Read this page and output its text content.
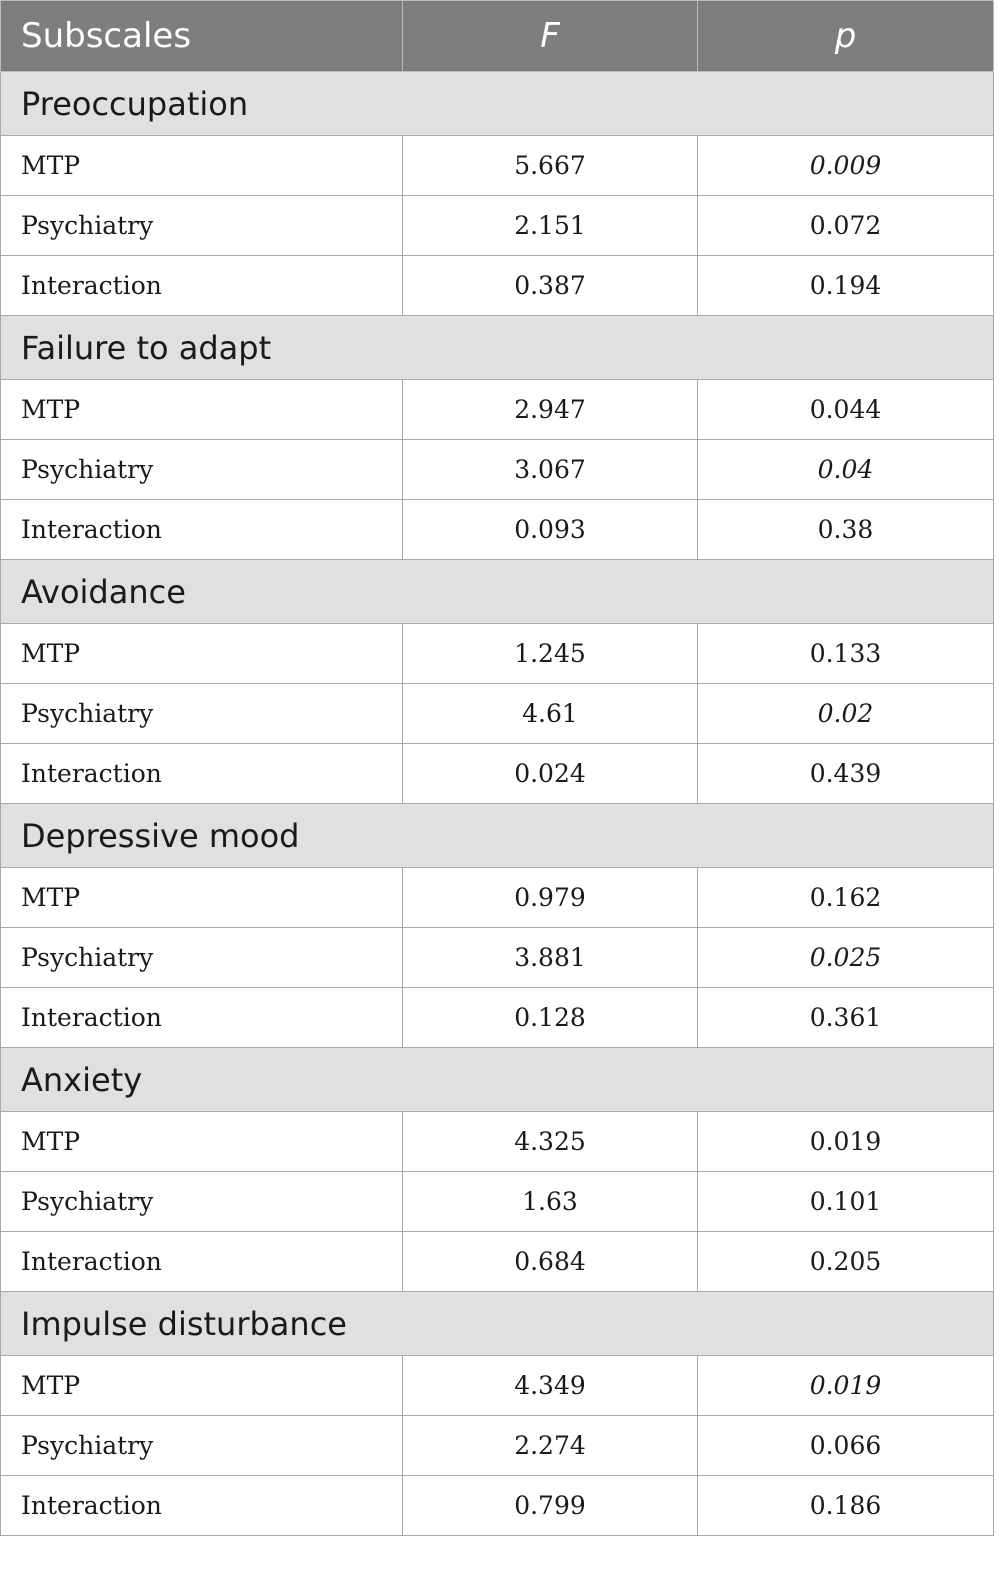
Subscales	F	p
Preoccupation		
MTP	5.667	0.009
Psychiatry	2.151	0.072
Interaction	0.387	0.194
Failure to adapt		
MTP	2.947	0.044
Psychiatry	3.067	0.04
Interaction	0.093	0.38
Avoidance		
MTP	1.245	0.133
Psychiatry	4.61	0.02
Interaction	0.024	0.439
Depressive mood		
MTP	0.979	0.162
Psychiatry	3.881	0.025
Interaction	0.128	0.361
Anxiety		
MTP	4.325	0.019
Psychiatry	1.63	0.101
Interaction	0.684	0.205
Impulse disturbance		
MTP	4.349	0.019
Psychiatry	2.274	0.066
Interaction	0.799	0.186
